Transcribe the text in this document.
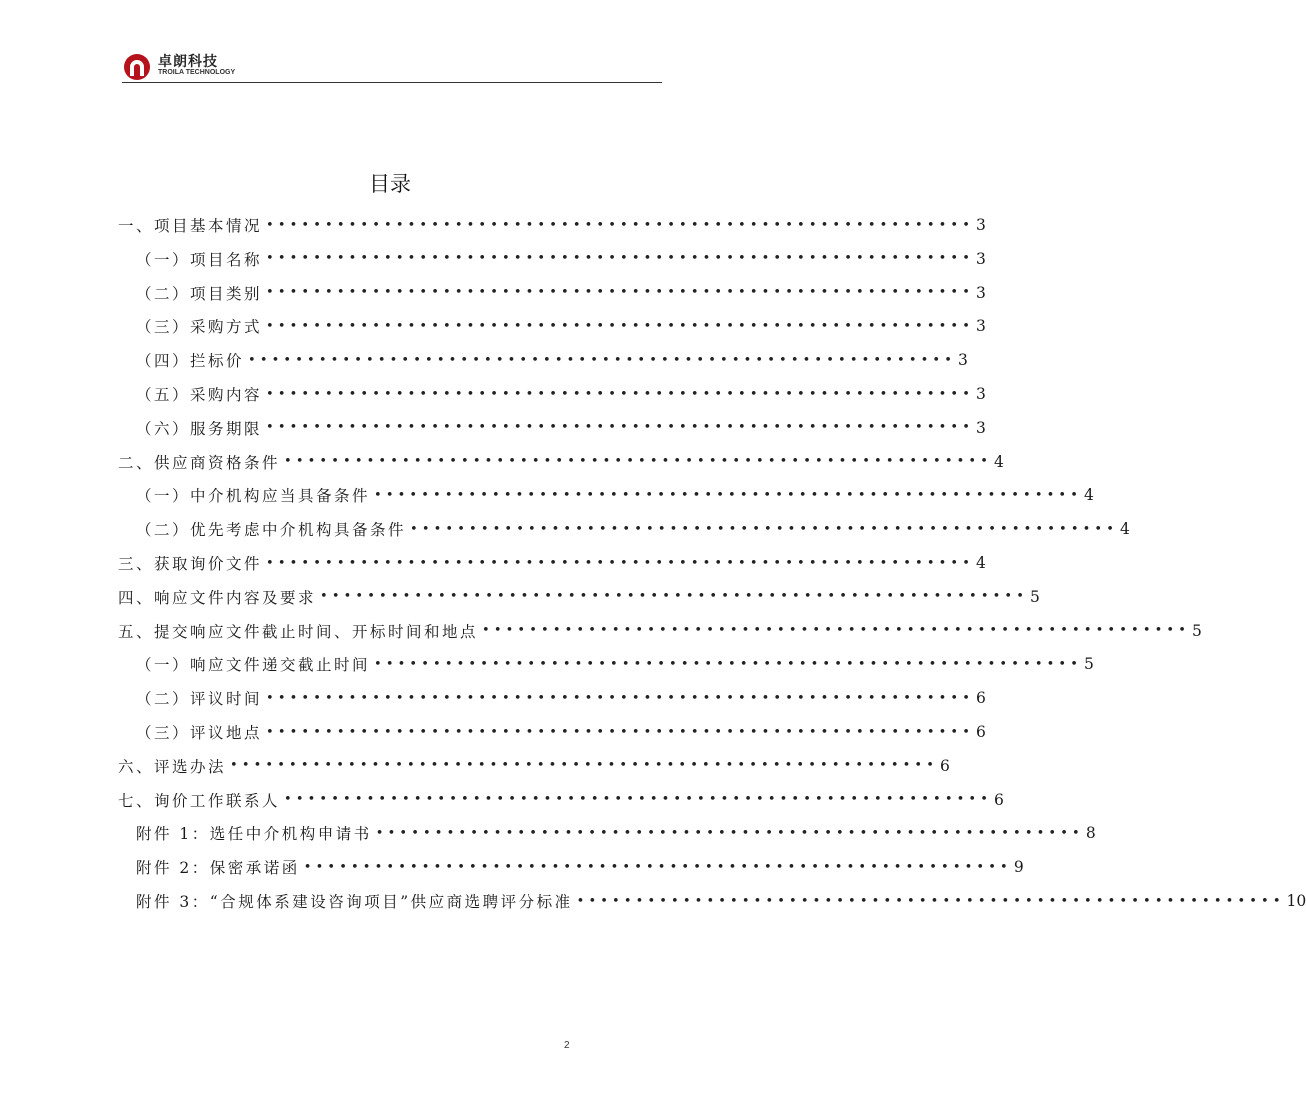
卓朗科技
TROILA TECHNOLOGY
目录
一、项目基本情况 • • • • • • • • • • • • • • • • • • • • • • • • • • • • • • • • • • • • • • • • • • • • • • • • • • • • • • • • • • • • 3
（一）项目名称 • • • • • • • • • • • • • • • • • • • • • • • • • • • • • • • • • • • • • • • • • • • • • • • • • • • • • • • • • • • • 3
（二）项目类别 • • • • • • • • • • • • • • • • • • • • • • • • • • • • • • • • • • • • • • • • • • • • • • • • • • • • • • • • • • • • 3
（三）采购方式 • • • • • • • • • • • • • • • • • • • • • • • • • • • • • • • • • • • • • • • • • • • • • • • • • • • • • • • • • • • • 3
（四）拦标价 • • • • • • • • • • • • • • • • • • • • • • • • • • • • • • • • • • • • • • • • • • • • • • • • • • • • • • • • • • • • 3
（五）采购内容 • • • • • • • • • • • • • • • • • • • • • • • • • • • • • • • • • • • • • • • • • • • • • • • • • • • • • • • • • • • • 3
（六）服务期限 • • • • • • • • • • • • • • • • • • • • • • • • • • • • • • • • • • • • • • • • • • • • • • • • • • • • • • • • • • • • 3
二、供应商资格条件 • • • • • • • • • • • • • • • • • • • • • • • • • • • • • • • • • • • • • • • • • • • • • • • • • • • • • • • • • • • • 4
（一）中介机构应当具备条件 • • • • • • • • • • • • • • • • • • • • • • • • • • • • • • • • • • • • • • • • • • • • • • • • • • • • • • • • • • • • 4
（二）优先考虑中介机构具备条件 • • • • • • • • • • • • • • • • • • • • • • • • • • • • • • • • • • • • • • • • • • • • • • • • • • • • • • • • • • • • 4
三、获取询价文件 • • • • • • • • • • • • • • • • • • • • • • • • • • • • • • • • • • • • • • • • • • • • • • • • • • • • • • • • • • • • 4
四、响应文件内容及要求 • • • • • • • • • • • • • • • • • • • • • • • • • • • • • • • • • • • • • • • • • • • • • • • • • • • • • • • • • • • • 5
五、提交响应文件截止时间、开标时间和地点 • • • • • • • • • • • • • • • • • • • • • • • • • • • • • • • • • • • • • • • • • • • • • • • • • • • • • • • • • • • • 5
（一）响应文件递交截止时间 • • • • • • • • • • • • • • • • • • • • • • • • • • • • • • • • • • • • • • • • • • • • • • • • • • • • • • • • • • • • 5
（二）评议时间 • • • • • • • • • • • • • • • • • • • • • • • • • • • • • • • • • • • • • • • • • • • • • • • • • • • • • • • • • • • • 6
（三）评议地点 • • • • • • • • • • • • • • • • • • • • • • • • • • • • • • • • • • • • • • • • • • • • • • • • • • • • • • • • • • • • 6
六、评选办法 • • • • • • • • • • • • • • • • • • • • • • • • • • • • • • • • • • • • • • • • • • • • • • • • • • • • • • • • • • • • 6
七、询价工作联系人 • • • • • • • • • • • • • • • • • • • • • • • • • • • • • • • • • • • • • • • • • • • • • • • • • • • • • • • • • • • • 6
附件 1：选任中介机构申请书 • • • • • • • • • • • • • • • • • • • • • • • • • • • • • • • • • • • • • • • • • • • • • • • • • • • • • • • • • • • • 8
附件 2：保密承诺函 • • • • • • • • • • • • • • • • • • • • • • • • • • • • • • • • • • • • • • • • • • • • • • • • • • • • • • • • • • • • 9
附件 3：“合规体系建设咨询项目”供应商选聘评分标准 • • • • • • • • • • • • • • • • • • • • • • • • • • • • • • • • • • • • • • • • • • • • • • • • • • • • • • • • • • • • 10
2
